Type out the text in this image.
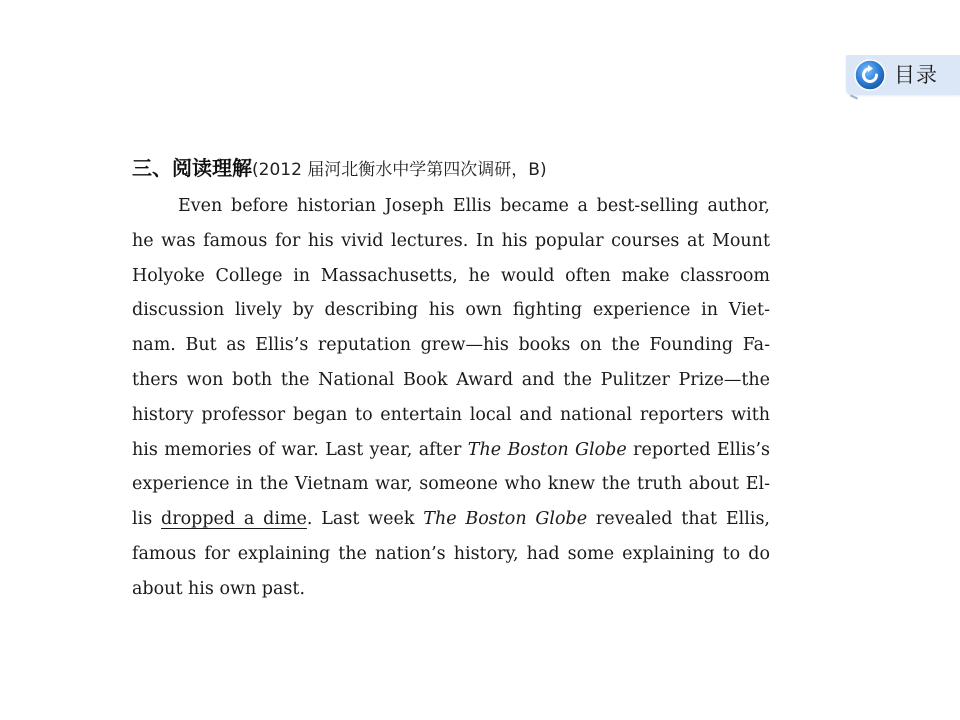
目录
三、阅读理解(2012 届河北衡水中学第四次调研，B)
Even before historian Joseph Ellis became a best-selling author,
he was famous for his vivid lectures. In his popular courses at Mount
Holyoke College in Massachusetts, he would often make classroom
discussion lively by describing his own fighting experience in Viet-
nam. But as Ellis’s reputation grew—his books on the Founding Fa-
thers won both the National Book Award and the Pulitzer Prize—the
history professor began to entertain local and national reporters with
his memories of war. Last year, after The Boston Globe reported Ellis’s
experience in the Vietnam war, someone who knew the truth about El-
lis dropped a dime. Last week The Boston Globe revealed that Ellis,
famous for explaining the nation’s history, had some explaining to do
about his own past.
